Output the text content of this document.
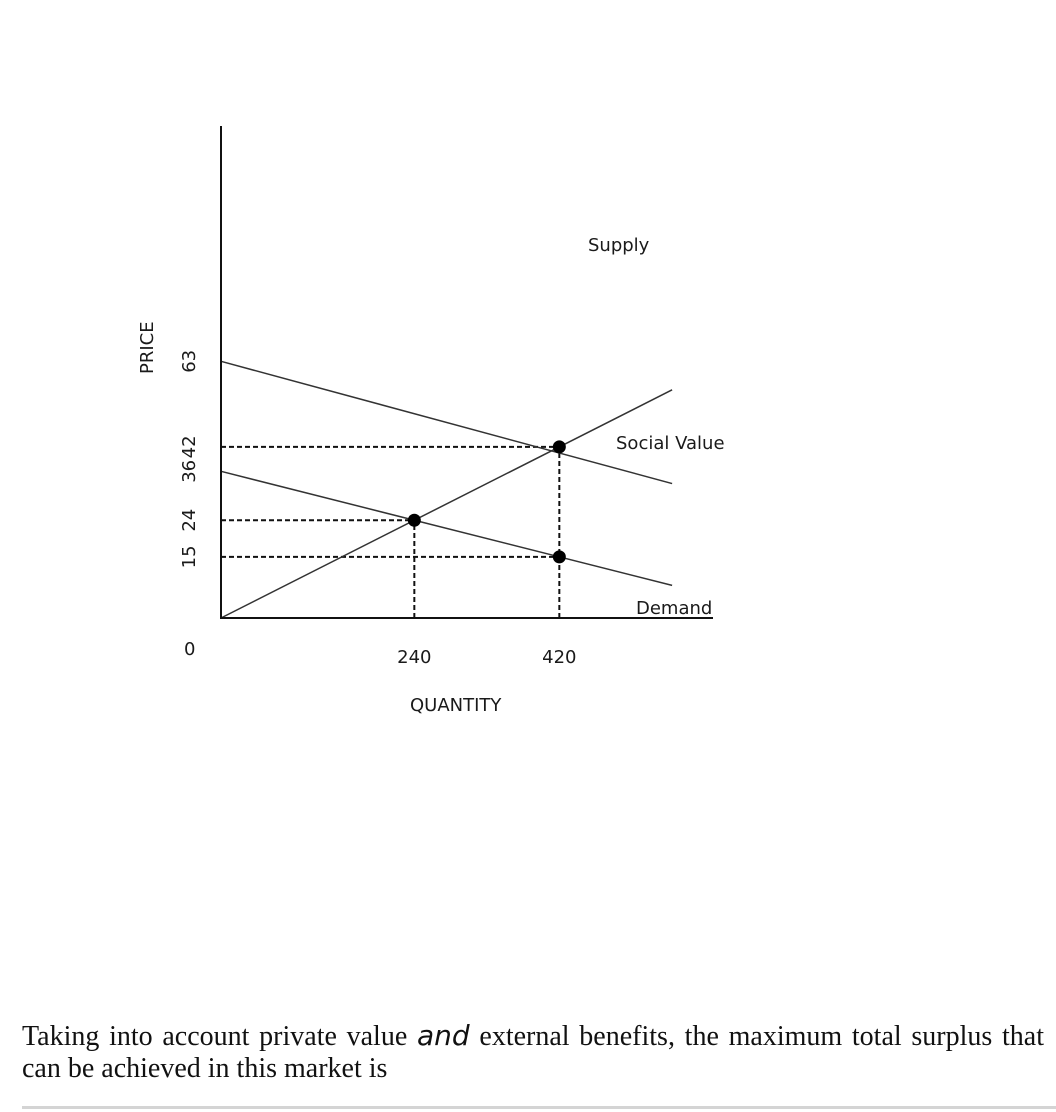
240	420
63
42
36
24
15
Supply
Social Value
Demand
0
QUANTITY
PRICE
Taking into account private value and external benefits, the maximum total surplus that can be achieved in this market is
